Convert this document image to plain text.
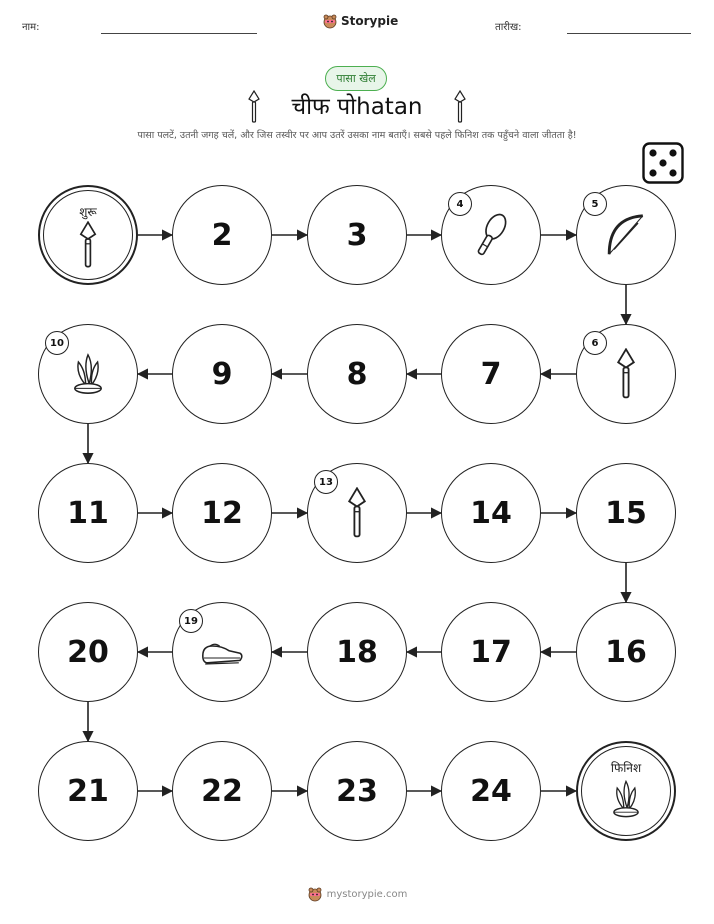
नाम:	Storypie	तारीख:
पासा खेल
चीफ पोhatan
पासा पलटें, उतनी जगह चलें, और जिस तस्वीर पर आप उतरें उसका नाम बताएँ। सबसे पहले फिनिश तक पहुँचने वाला जीतता है!
शुरू
2	3
4	5
6
7
8
9
10
11	12
13
14	15
16
17
18
19
20
21	22	23	24
फिनिश
mystorypie.com
